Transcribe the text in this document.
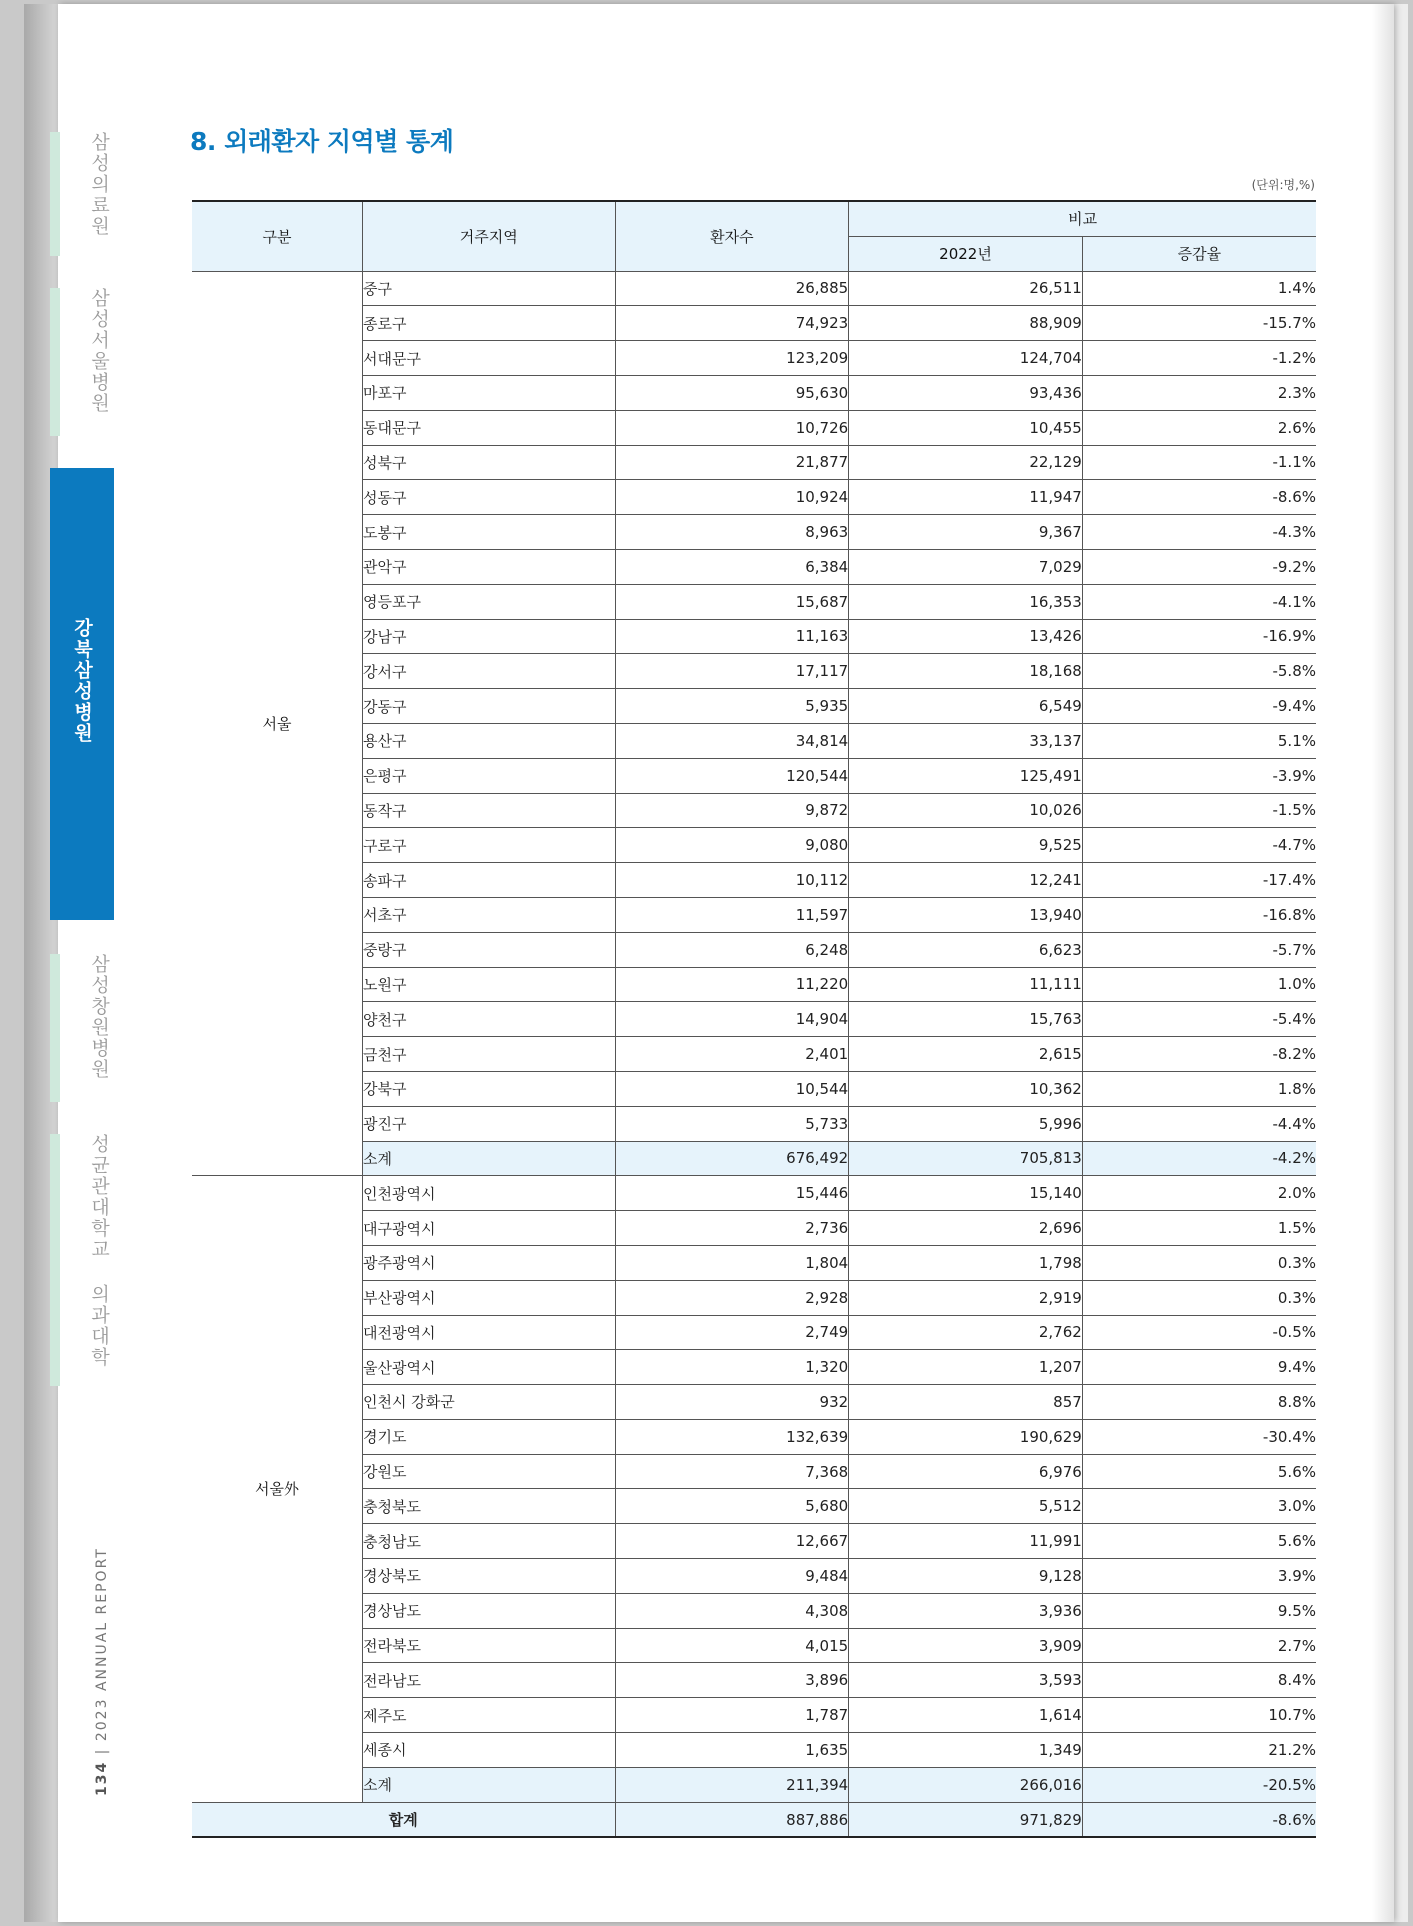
삼성의료원
삼성서울병원
강북삼성병원
삼성창원병원
성균관대학교 의과대학
134 | 2023 ANNUAL REPORT
8. 외래환자 지역별 통계
(단위:명,%)
구분	거주지역	환자수	비교	
			2022년	증감율
서울	중구	26,885	26,511	1.4%
	종로구	74,923	88,909	-15.7%
	서대문구	123,209	124,704	-1.2%
	마포구	95,630	93,436	2.3%
	동대문구	10,726	10,455	2.6%
	성북구	21,877	22,129	-1.1%
	성동구	10,924	11,947	-8.6%
	도봉구	8,963	9,367	-4.3%
	관악구	6,384	7,029	-9.2%
	영등포구	15,687	16,353	-4.1%
	강남구	11,163	13,426	-16.9%
	강서구	17,117	18,168	-5.8%
	강동구	5,935	6,549	-9.4%
	용산구	34,814	33,137	5.1%
	은평구	120,544	125,491	-3.9%
	동작구	9,872	10,026	-1.5%
	구로구	9,080	9,525	-4.7%
	송파구	10,112	12,241	-17.4%
	서초구	11,597	13,940	-16.8%
	중랑구	6,248	6,623	-5.7%
	노원구	11,220	11,111	1.0%
	양천구	14,904	15,763	-5.4%
	금천구	2,401	2,615	-8.2%
	강북구	10,544	10,362	1.8%
	광진구	5,733	5,996	-4.4%
	소계	676,492	705,813	-4.2%
서울外	인천광역시	15,446	15,140	2.0%
	대구광역시	2,736	2,696	1.5%
	광주광역시	1,804	1,798	0.3%
	부산광역시	2,928	2,919	0.3%
	대전광역시	2,749	2,762	-0.5%
	울산광역시	1,320	1,207	9.4%
	인천시 강화군	932	857	8.8%
	경기도	132,639	190,629	-30.4%
	강원도	7,368	6,976	5.6%
	충청북도	5,680	5,512	3.0%
	충청남도	12,667	11,991	5.6%
	경상북도	9,484	9,128	3.9%
	경상남도	4,308	3,936	9.5%
	전라북도	4,015	3,909	2.7%
	전라남도	3,896	3,593	8.4%
	제주도	1,787	1,614	10.7%
	세종시	1,635	1,349	21.2%
	소계	211,394	266,016	-20.5%
합계		887,886	971,829	-8.6%
